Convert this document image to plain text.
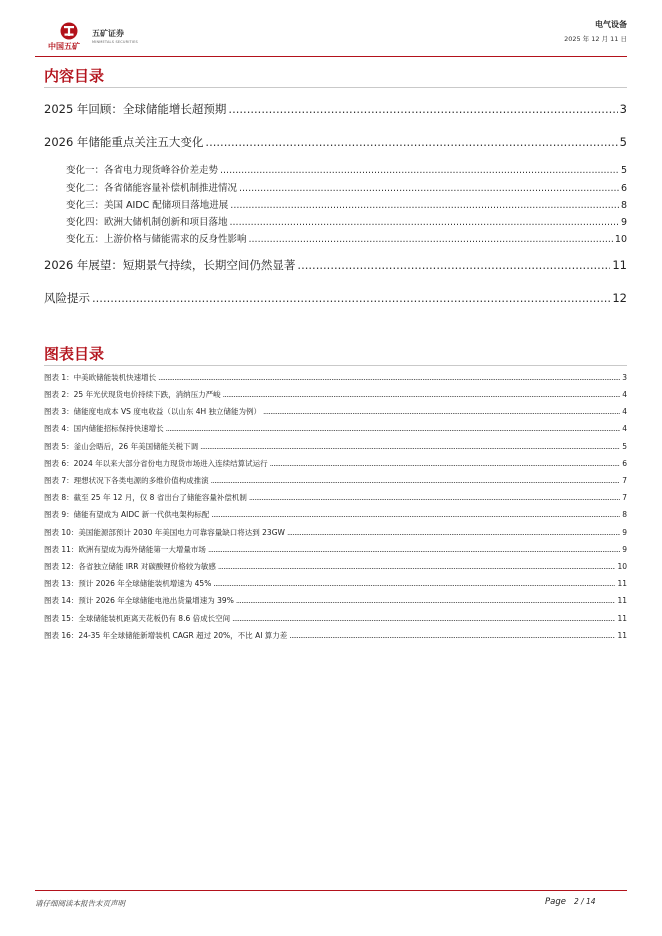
中国五矿
五矿证券
MINMETALS SECURITIES
电气设备
2025 年 12 月 11 日
内容目录
2025 年回顾：全球储能增长超预期 .....	3
2026 年储能重点关注五大变化 .....	5
变化一：各省电力现货峰谷价差走势 .....	5
变化二：各省储能容量补偿机制推进情况 .....	6
变化三：美国 AIDC 配储项目落地进展 .....	8
变化四：欧洲大储机制创新和项目落地 .....	9
变化五：上游价格与储能需求的反身性影响 .....	10
2026 年展望：短期景气持续，长期空间仍然显著 .....	11
风险提示 .....	12
图表目录
图表 1：中美欧储能装机快速增长 .....	3
图表 2：25 年光伏现货电价持续下跌，消纳压力严峻 .....	4
图表 3：储能度电成本 VS 度电收益（以山东 4H 独立储能为例） .....	4
图表 4：国内储能招标保持快速增长 .....	4
图表 5：釜山会晤后，26 年美国储能关税下调 .....	5
图表 6：2024 年以来大部分省份电力现货市场进入连续结算试运行 .....	6
图表 7：理想状况下各类电源的多维价值构成推演 .....	7
图表 8：截至 25 年 12 月，仅 8 省出台了储能容量补偿机制 .....	7
图表 9：储能有望成为 AIDC 新一代供电架构标配 .....	8
图表 10：美国能源部预计 2030 年美国电力可靠容量缺口将达到 23GW .....	9
图表 11：欧洲有望成为海外储能第一大增量市场 .....	9
图表 12：各省独立储能 IRR 对碳酸锂价格较为敏感 .....	10
图表 13：预计 2026 年全球储能装机增速为 45% .....	11
图表 14：预计 2026 年全球储能电池出货量增速为 39% .....	11
图表 15：全球储能装机距离天花板仍有 8.6 倍成长空间 .....	11
图表 16：24-35 年全球储能新增装机 CAGR 超过 20%，不比 AI 算力差 .....	11
请仔细阅读本报告末页声明	Page 2 / 14
